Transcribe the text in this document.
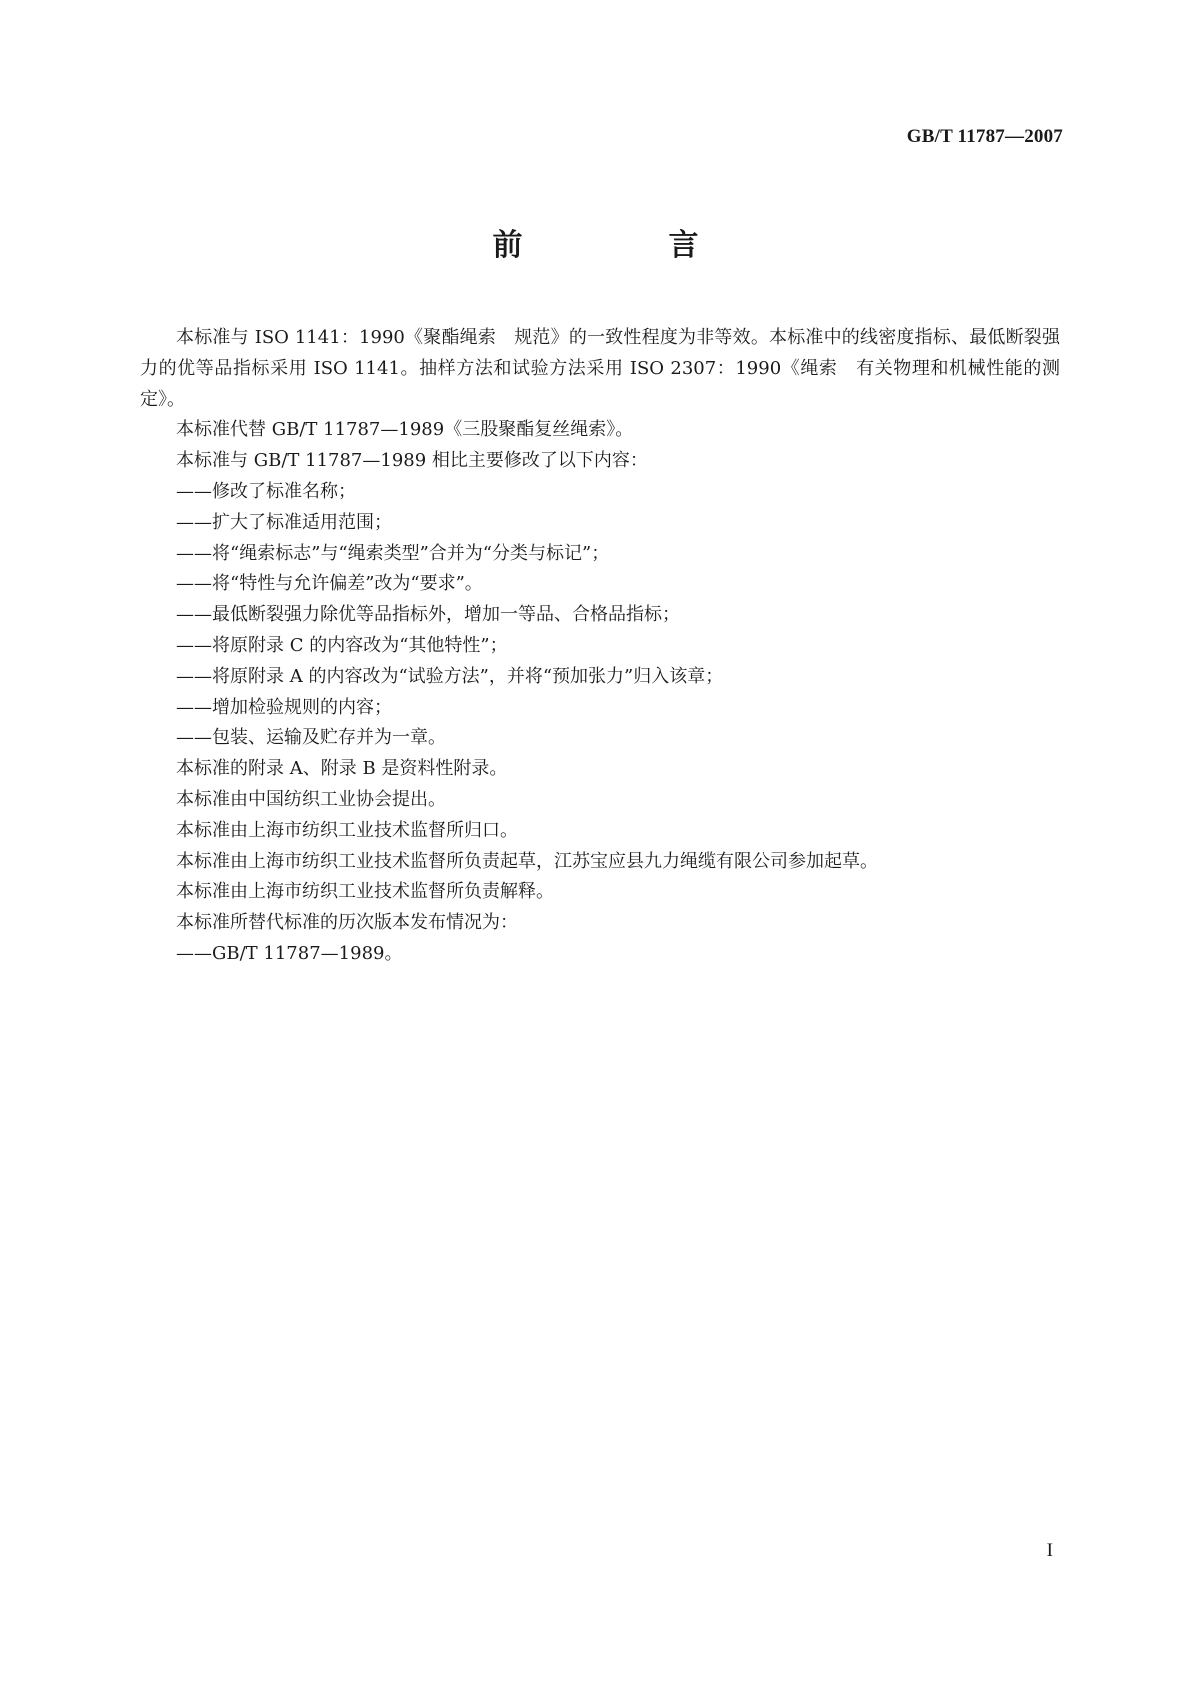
GB/T 11787—2007
前　言

本标准与 ISO 1141：1990《聚酯绳索　规范》的一致性程度为非等效。本标准中的线密度指标、最低断裂强力的优等品指标采用 ISO 1141。抽样方法和试验方法采用 ISO 2307：1990《绳索　有关物理和机械性能的测定》。

本标准代替 GB/T 11787—1989《三股聚酯复丝绳索》。

本标准与 GB/T 11787—1989 相比主要修改了以下内容：

——修改了标准名称；

——扩大了标准适用范围；

——将“绳索标志”与“绳索类型”合并为“分类与标记”；

——将“特性与允许偏差”改为“要求”。

——最低断裂强力除优等品指标外，增加一等品、合格品指标；

——将原附录 C 的内容改为“其他特性”；

——将原附录 A 的内容改为“试验方法”，并将“预加张力”归入该章；

——增加检验规则的内容；

——包装、运输及贮存并为一章。

本标准的附录 A、附录 B 是资料性附录。

本标准由中国纺织工业协会提出。

本标准由上海市纺织工业技术监督所归口。

本标准由上海市纺织工业技术监督所负责起草，江苏宝应县九力绳缆有限公司参加起草。

本标准由上海市纺织工业技术监督所负责解释。

本标准所替代标准的历次版本发布情况为：

——GB/T 11787—1989。

I
